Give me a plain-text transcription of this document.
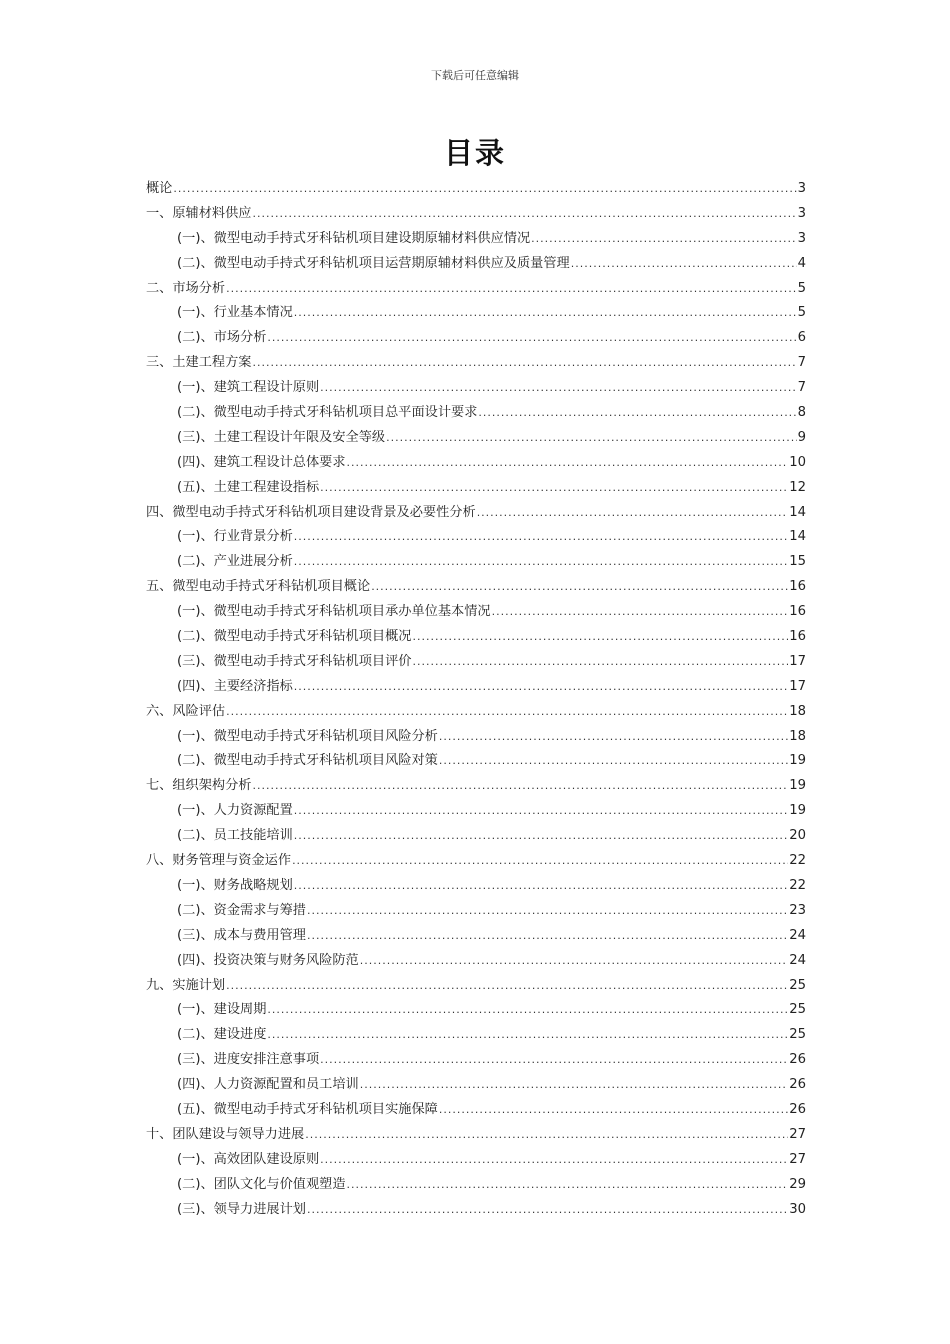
下载后可任意编辑
目录
概论 .....	3
一、原辅材料供应 .....	3
(一)、微型电动手持式牙科钻机项目建设期原辅材料供应情况 .....	3
(二)、微型电动手持式牙科钻机项目运营期原辅材料供应及质量管理 .....	4
二、市场分析 .....	5
(一)、行业基本情况 .....	5
(二)、市场分析 .....	6
三、土建工程方案 .....	7
(一)、建筑工程设计原则 .....	7
(二)、微型电动手持式牙科钻机项目总平面设计要求 .....	8
(三)、土建工程设计年限及安全等级 .....	9
(四)、建筑工程设计总体要求 .....	10
(五)、土建工程建设指标 .....	12
四、微型电动手持式牙科钻机项目建设背景及必要性分析 .....	14
(一)、行业背景分析 .....	14
(二)、产业进展分析 .....	15
五、微型电动手持式牙科钻机项目概论 .....	16
(一)、微型电动手持式牙科钻机项目承办单位基本情况 .....	16
(二)、微型电动手持式牙科钻机项目概况 .....	16
(三)、微型电动手持式牙科钻机项目评价 .....	17
(四)、主要经济指标 .....	17
六、风险评估 .....	18
(一)、微型电动手持式牙科钻机项目风险分析 .....	18
(二)、微型电动手持式牙科钻机项目风险对策 .....	19
七、组织架构分析 .....	19
(一)、人力资源配置 .....	19
(二)、员工技能培训 .....	20
八、财务管理与资金运作 .....	22
(一)、财务战略规划 .....	22
(二)、资金需求与筹措 .....	23
(三)、成本与费用管理 .....	24
(四)、投资决策与财务风险防范 .....	24
九、实施计划 .....	25
(一)、建设周期 .....	25
(二)、建设进度 .....	25
(三)、进度安排注意事项 .....	26
(四)、人力资源配置和员工培训 .....	26
(五)、微型电动手持式牙科钻机项目实施保障 .....	26
十、团队建设与领导力进展 .....	27
(一)、高效团队建设原则 .....	27
(二)、团队文化与价值观塑造 .....	29
(三)、领导力进展计划 .....	30
